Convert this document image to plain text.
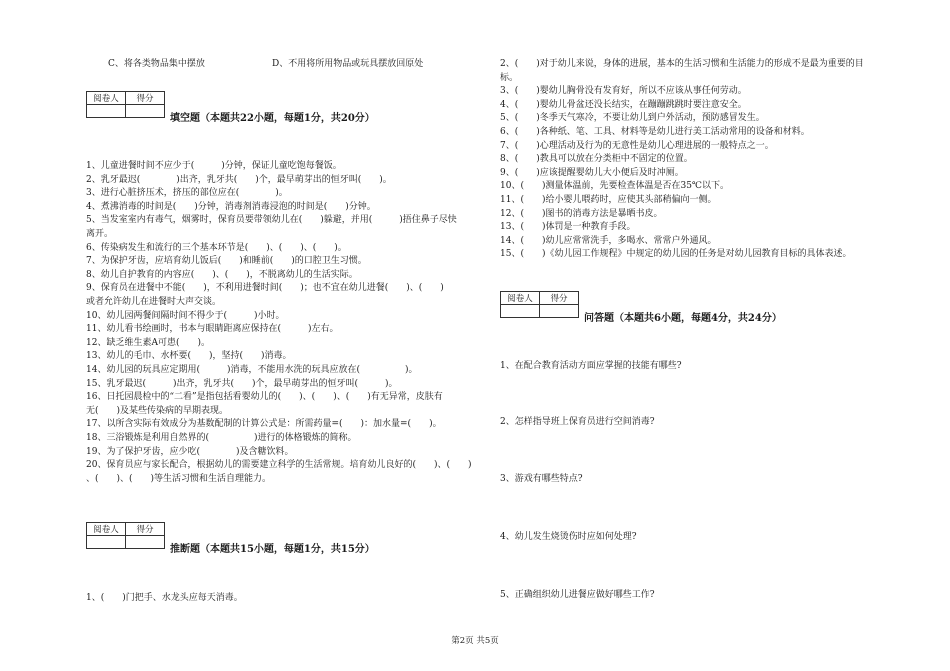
C、将各类物品集中摆放	D、不用将所用物品或玩具摆放回原处
阅卷人	得分

填空题（本题共22小题，每题1分，共20分）
1、儿童进餐时间不应少于(　　　)分钟，保证儿童吃饱每餐饭。
2、乳牙最迟(　　　　)出齐，乳牙共(　　)个，最早萌芽出的恒牙叫(　　)。
3、进行心脏挤压术，挤压的部位应在(　　　　)。
4、煮沸消毒的时间是(　　)分钟，消毒剂消毒浸泡的时间是(　　)分钟。
5、当发室室内有毒气，烟雾时，保育员要带领幼儿在(　　)躲避，并用(　　　)捂住鼻子尽快
离开。
6、传染病发生和流行的三个基本环节是(　　)、(　　)、(　　)。
7、为保护牙齿，应培育幼儿饭后(　　)和睡前(　　)的口腔卫生习惯。
8、幼儿自护教育的内容应(　　)、(　　)，不脱离幼儿的生活实际。
9、保育员在进餐中不能(　　)，不利用进餐时间(　　)；也不宜在幼儿进餐(　　)、(　　)
或者允许幼儿在进餐时大声交谈。
10、幼儿园两餐间隔时间不得少于(　　　)小时。
11、幼儿看书绘画时，书本与眼睛距离应保持在(　　　)左右。
12、缺乏维生素A可患(　　)。
13、幼儿的毛巾、水杯要(　　)，坚持(　　)消毒。
14、幼儿园的玩具应定期用(　　　)消毒，不能用水洗的玩具应放在(　　　　　)。
15、乳牙最迟(　　　)出齐，乳牙共(　　)个，最早萌芽出的恒牙叫(　　　)。
16、日托园晨检中的“二看”是指包括看婴幼儿的(　　)、(　　)、(　　)有无异常，皮肤有
无(　　)及某些传染病的早期表现。
17、以所含实际有效成分为基数配制的计算公式是：所需药量=(　　)：加水量=(　　)。
18、三浴锻炼是利用自然界的(　　　　　)进行的体格锻炼的简称。
19、为了保护牙齿，应少吃(　　　　)及含糖饮料。
20、保育员应与家长配合，根据幼儿的需要建立科学的生活常规。培育幼儿良好的(　　)、(　　)
、(　　)、(　　)等生活习惯和生活自理能力。
阅卷人	得分

推断题（本题共15小题，每题1分，共15分）
1、(　　)门把手、水龙头应每天消毒。
2、(　　)对于幼儿来说，身体的进展，基本的生活习惯和生活能力的形成不是最为重要的目
标。
3、(　　)婴幼儿胸骨没有发育好，所以不应该从事任何劳动。
4、(　　)婴幼儿骨盆还没长结实，在蹦蹦跳跳时要注意安全。
5、(　　)冬季天气寒冷，不要让幼儿到户外活动，预防感冒发生。
6、(　　)各种纸、笔、工具、材料等是幼儿进行美工活动常用的设备和材料。
7、(　　)心理活动及行为的无意性是幼儿心理进展的一般特点之一。
8、(　　)教具可以放在分类柜中不固定的位置。
9、(　　)应该提醒婴幼儿大小便后及时冲厕。
10、(　　)测量体温前，先要检查体温是否在35℃以下。
11、(　　)给小婴儿喂药时，应使其头部稍偏向一侧。
12、(　　)图书的消毒方法是暴晒书皮。
13、(　　)体罚是一种教育手段。
14、(　　)幼儿应常常洗手，多喝水、常常户外通风。
15、(　　)《幼儿园工作规程》中规定的幼儿园的任务是对幼儿园教育目标的具体表述。
阅卷人	得分

问答题（本题共6小题，每题4分，共24分）
1、在配合教育活动方面应掌握的技能有哪些?
2、怎样指导班上保育员进行空间消毒?
3、游戏有哪些特点?
4、幼儿发生烧烫伤时应如何处理?
5、正确组织幼儿进餐应做好哪些工作?
第2页 共5页
